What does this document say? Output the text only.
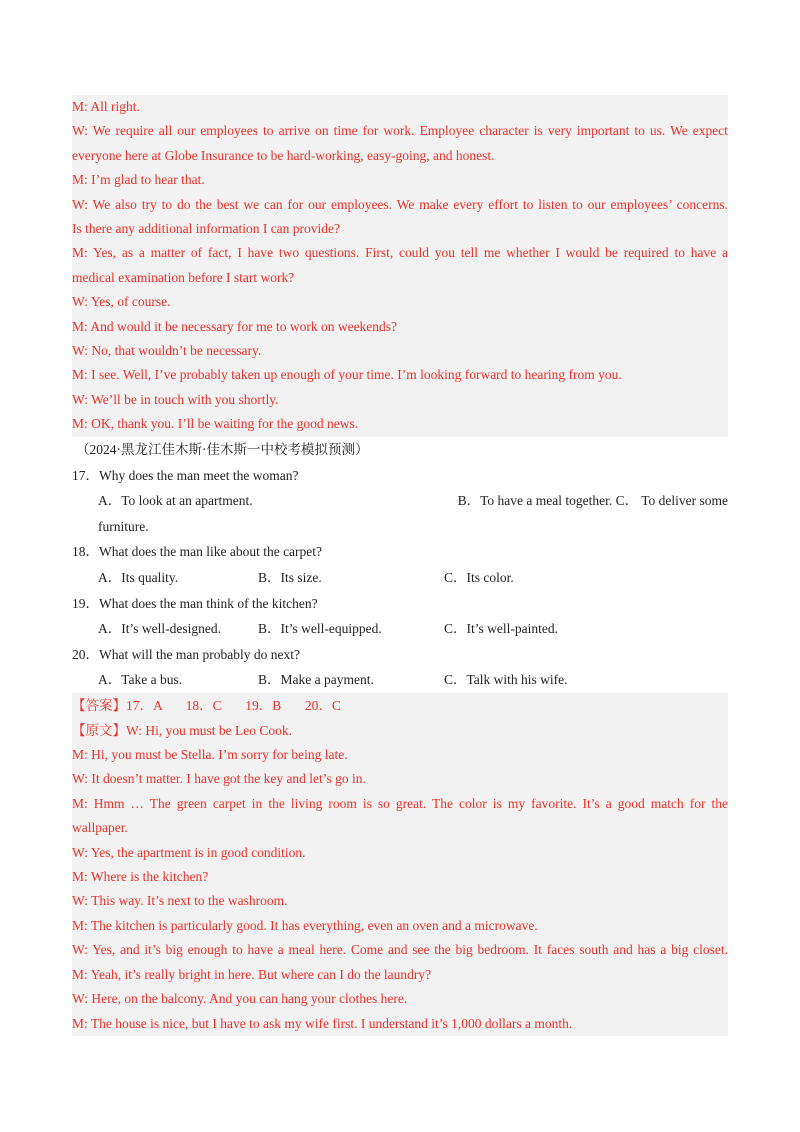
M: All right.
W: We require all our employees to arrive on time for work. Employee character is very important to us. We expect
everyone here at Globe Insurance to be hard-working, easy-going, and honest.
M: I’m glad to hear that.
W: We also try to do the best we can for our employees. We make every effort to listen to our employees’ concerns.
Is there any additional information I can provide?
M: Yes, as a matter of fact, I have two questions. First, could you tell me whether I would be required to have a
medical examination before I start work?
W: Yes, of course.
M: And would it be necessary for me to work on weekends?
W: No, that wouldn’t be necessary.
M: I see. Well, I’ve probably taken up enough of your time. I’m looking forward to hearing from you.
W: We’ll be in touch with you shortly.
M: OK, thank you. I’ll be waiting for the good news.
（2024·黑龙江佳木斯·佳木斯一中校考模拟预测）
17．Why does the man meet the woman?
A．To look at an apartment.	B．To have a meal together. C． To deliver some
furniture.
18．What does the man like about the carpet?
A．Its quality.	B．Its size.	C．Its color.
19．What does the man think of the kitchen?
A．It’s well-designed.	B．It’s well-equipped.	C．It’s well-painted.
20．What will the man probably do next?
A．Take a bus.	B．Make a payment.	C．Talk with his wife.
【答案】17．A       18．C       19．B       20．C
【原文】W: Hi, you must be Leo Cook.
M: Hi, you must be Stella. I’m sorry for being late.
W: It doesn’t matter. I have got the key and let’s go in.
M: Hmm … The green carpet in the living room is so great. The color is my favorite. It’s a good match for the
wallpaper.
W: Yes, the apartment is in good condition.
M: Where is the kitchen?
W: This way. It’s next to the washroom.
M: The kitchen is particularly good. It has everything, even an oven and a microwave.
W: Yes, and it’s big enough to have a meal here. Come and see the big bedroom. It faces south and has a big closet.
M: Yeah, it’s really bright in here. But where can I do the laundry?
W: Here, on the balcony. And you can hang your clothes here.
M: The house is nice, but I have to ask my wife first. I understand it’s 1,000 dollars a month.
